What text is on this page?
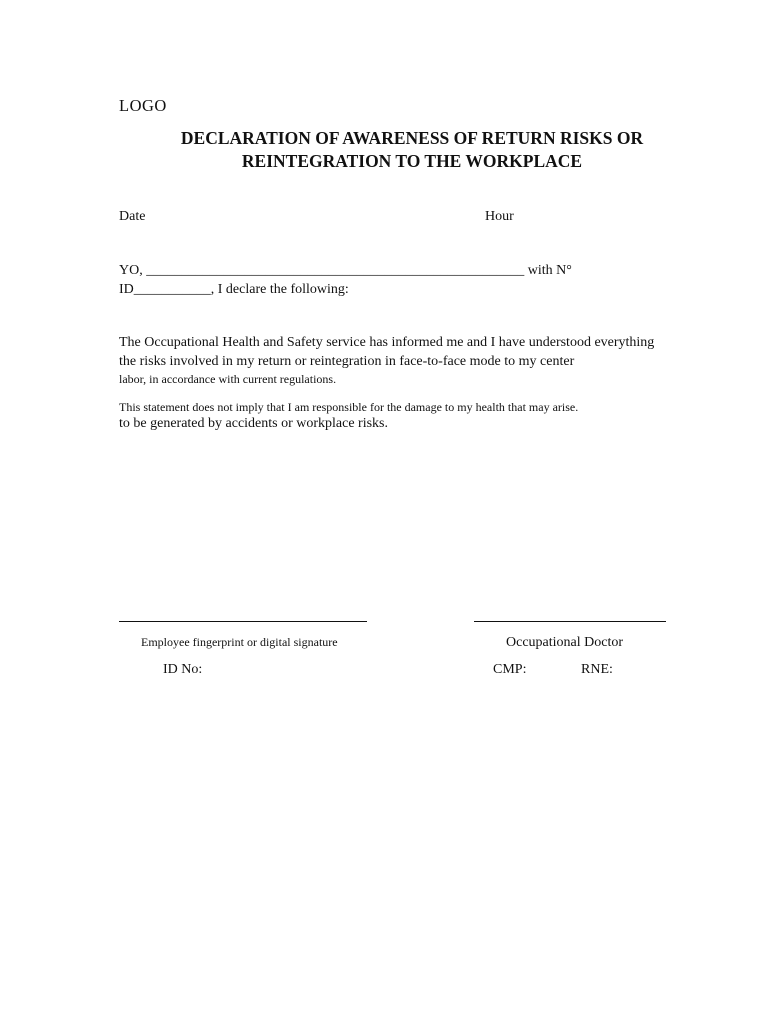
LOGO
DECLARATION OF AWARENESS OF RETURN RISKS OR
REINTEGRATION TO THE WORKPLACE
Date	Hour
YO, ______________________________________________________ with N°
ID___________, I declare the following:
The Occupational Health and Safety service has informed me and I have understood everything
the risks involved in my return or reintegration in face-to-face mode to my center
labor, in accordance with current regulations.
This statement does not imply that I am responsible for the damage to my health that may arise.
to be generated by accidents or workplace risks.
Employee fingerprint or digital signature	Occupational Doctor
ID No:	CMP:	RNE:
